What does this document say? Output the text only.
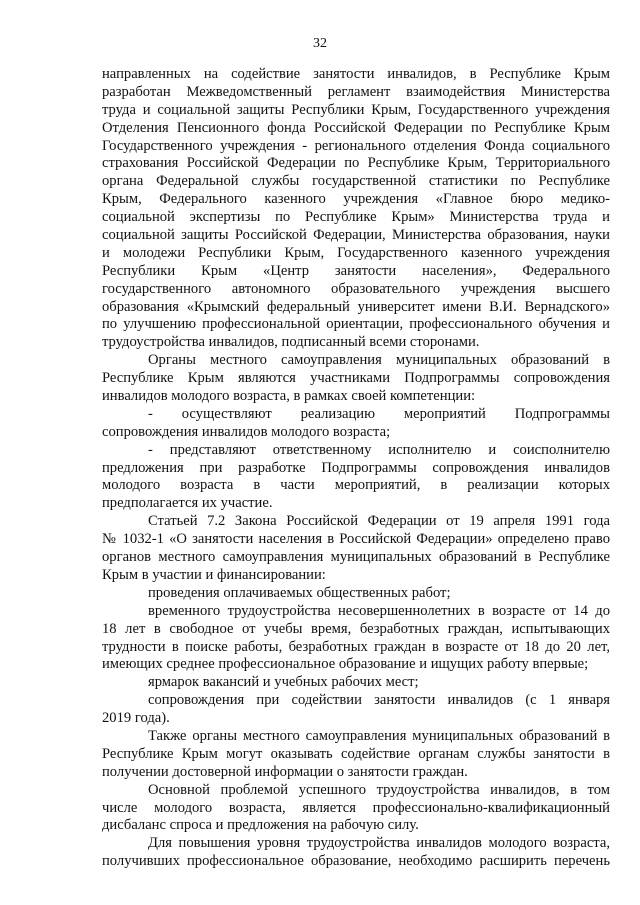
32
направленных на содействие занятости инвалидов, в Республике Крым
разработан Межведомственный регламент взаимодействия Министерства
труда и социальной защиты Республики Крым, Государственного учреждения
Отделения Пенсионного фонда Российской Федерации по Республике Крым
Государственного учреждения - регионального отделения Фонда социального
страхования Российской Федерации по Республике Крым, Территориального
органа Федеральной службы государственной статистики по Республике
Крым, Федерального казенного учреждения «Главное бюро медико-
социальной экспертизы по Республике Крым» Министерства труда и
социальной защиты Российской Федерации, Министерства образования, науки
и молодежи Республики Крым, Государственного казенного учреждения
Республики Крым «Центр занятости населения», Федерального
государственного автономного образовательного учреждения высшего
образования «Крымский федеральный университет имени В.И. Вернадского»
по улучшению профессиональной ориентации, профессионального обучения и
трудоустройства инвалидов, подписанный всеми сторонами.
Органы местного самоуправления муниципальных образований в
Республике Крым являются участниками Подпрограммы сопровождения
инвалидов молодого возраста, в рамках своей компетенции:
- осуществляют реализацию мероприятий Подпрограммы
сопровождения инвалидов молодого возраста;
- представляют ответственному исполнителю и соисполнителю
предложения при разработке Подпрограммы сопровождения инвалидов
молодого возраста в части мероприятий, в реализации которых
предполагается их участие.
Статьей 7.2 Закона Российской Федерации от 19 апреля 1991 года
№ 1032-1 «О занятости населения в Российской Федерации» определено право
органов местного самоуправления муниципальных образований в Республике
Крым в участии и финансировании:
проведения оплачиваемых общественных работ;
временного трудоустройства несовершеннолетних в возрасте от 14 до
18 лет в свободное от учебы время, безработных граждан, испытывающих
трудности в поиске работы, безработных граждан в возрасте от 18 до 20 лет,
имеющих среднее профессиональное образование и ищущих работу впервые;
ярмарок вакансий и учебных рабочих мест;
сопровождения при содействии занятости инвалидов (с 1 января
2019 года).
Также органы местного самоуправления муниципальных образований в
Республике Крым могут оказывать содействие органам службы занятости в
получении достоверной информации о занятости граждан.
Основной проблемой успешного трудоустройства инвалидов, в том
числе молодого возраста, является профессионально-квалификационный
дисбаланс спроса и предложения на рабочую силу.
Для повышения уровня трудоустройства инвалидов молодого возраста,
получивших профессиональное образование, необходимо расширить перечень
